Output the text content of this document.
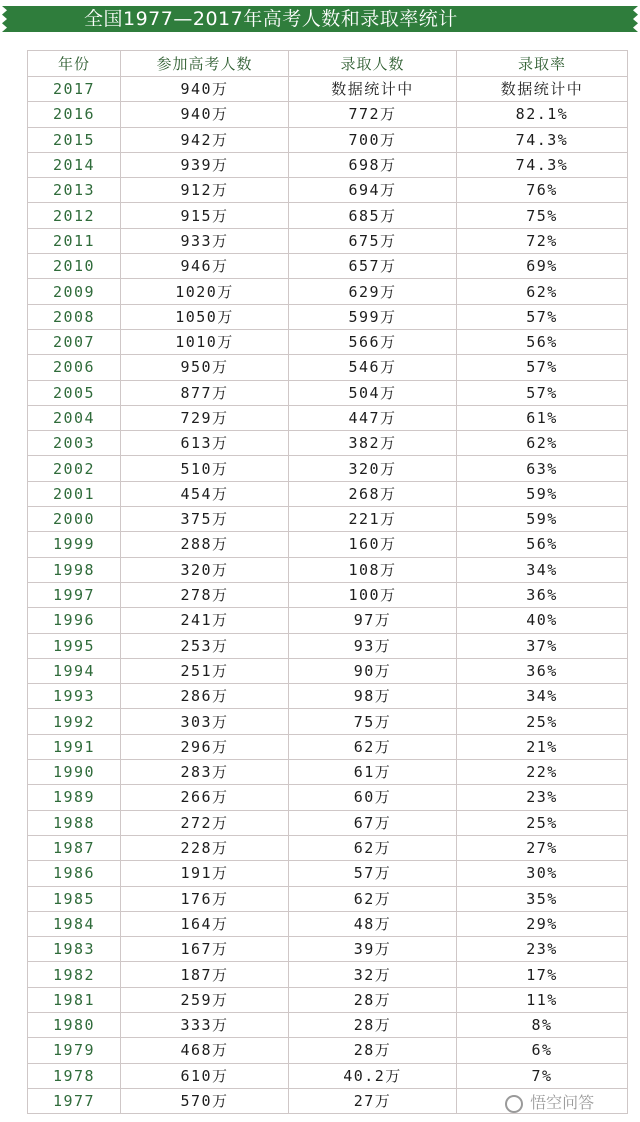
全国1977—2017年高考人数和录取率统计
年份	参加高考人数	录取人数	录取率
2017	940万	数据统计中	数据统计中
2016	940万	772万	82.1%
2015	942万	700万	74.3%
2014	939万	698万	74.3%
2013	912万	694万	76%
2012	915万	685万	75%
2011	933万	675万	72%
2010	946万	657万	69%
2009	1020万	629万	62%
2008	1050万	599万	57%
2007	1010万	566万	56%
2006	950万	546万	57%
2005	877万	504万	57%
2004	729万	447万	61%
2003	613万	382万	62%
2002	510万	320万	63%
2001	454万	268万	59%
2000	375万	221万	59%
1999	288万	160万	56%
1998	320万	108万	34%
1997	278万	100万	36%
1996	241万	97万	40%
1995	253万	93万	37%
1994	251万	90万	36%
1993	286万	98万	34%
1992	303万	75万	25%
1991	296万	62万	21%
1990	283万	61万	22%
1989	266万	60万	23%
1988	272万	67万	25%
1987	228万	62万	27%
1986	191万	57万	30%
1985	176万	62万	35%
1984	164万	48万	29%
1983	167万	39万	23%
1982	187万	32万	17%
1981	259万	28万	11%
1980	333万	28万	8%
1979	468万	28万	6%
1978	610万	40.2万	7%
1977	570万	27万		悟空问答
